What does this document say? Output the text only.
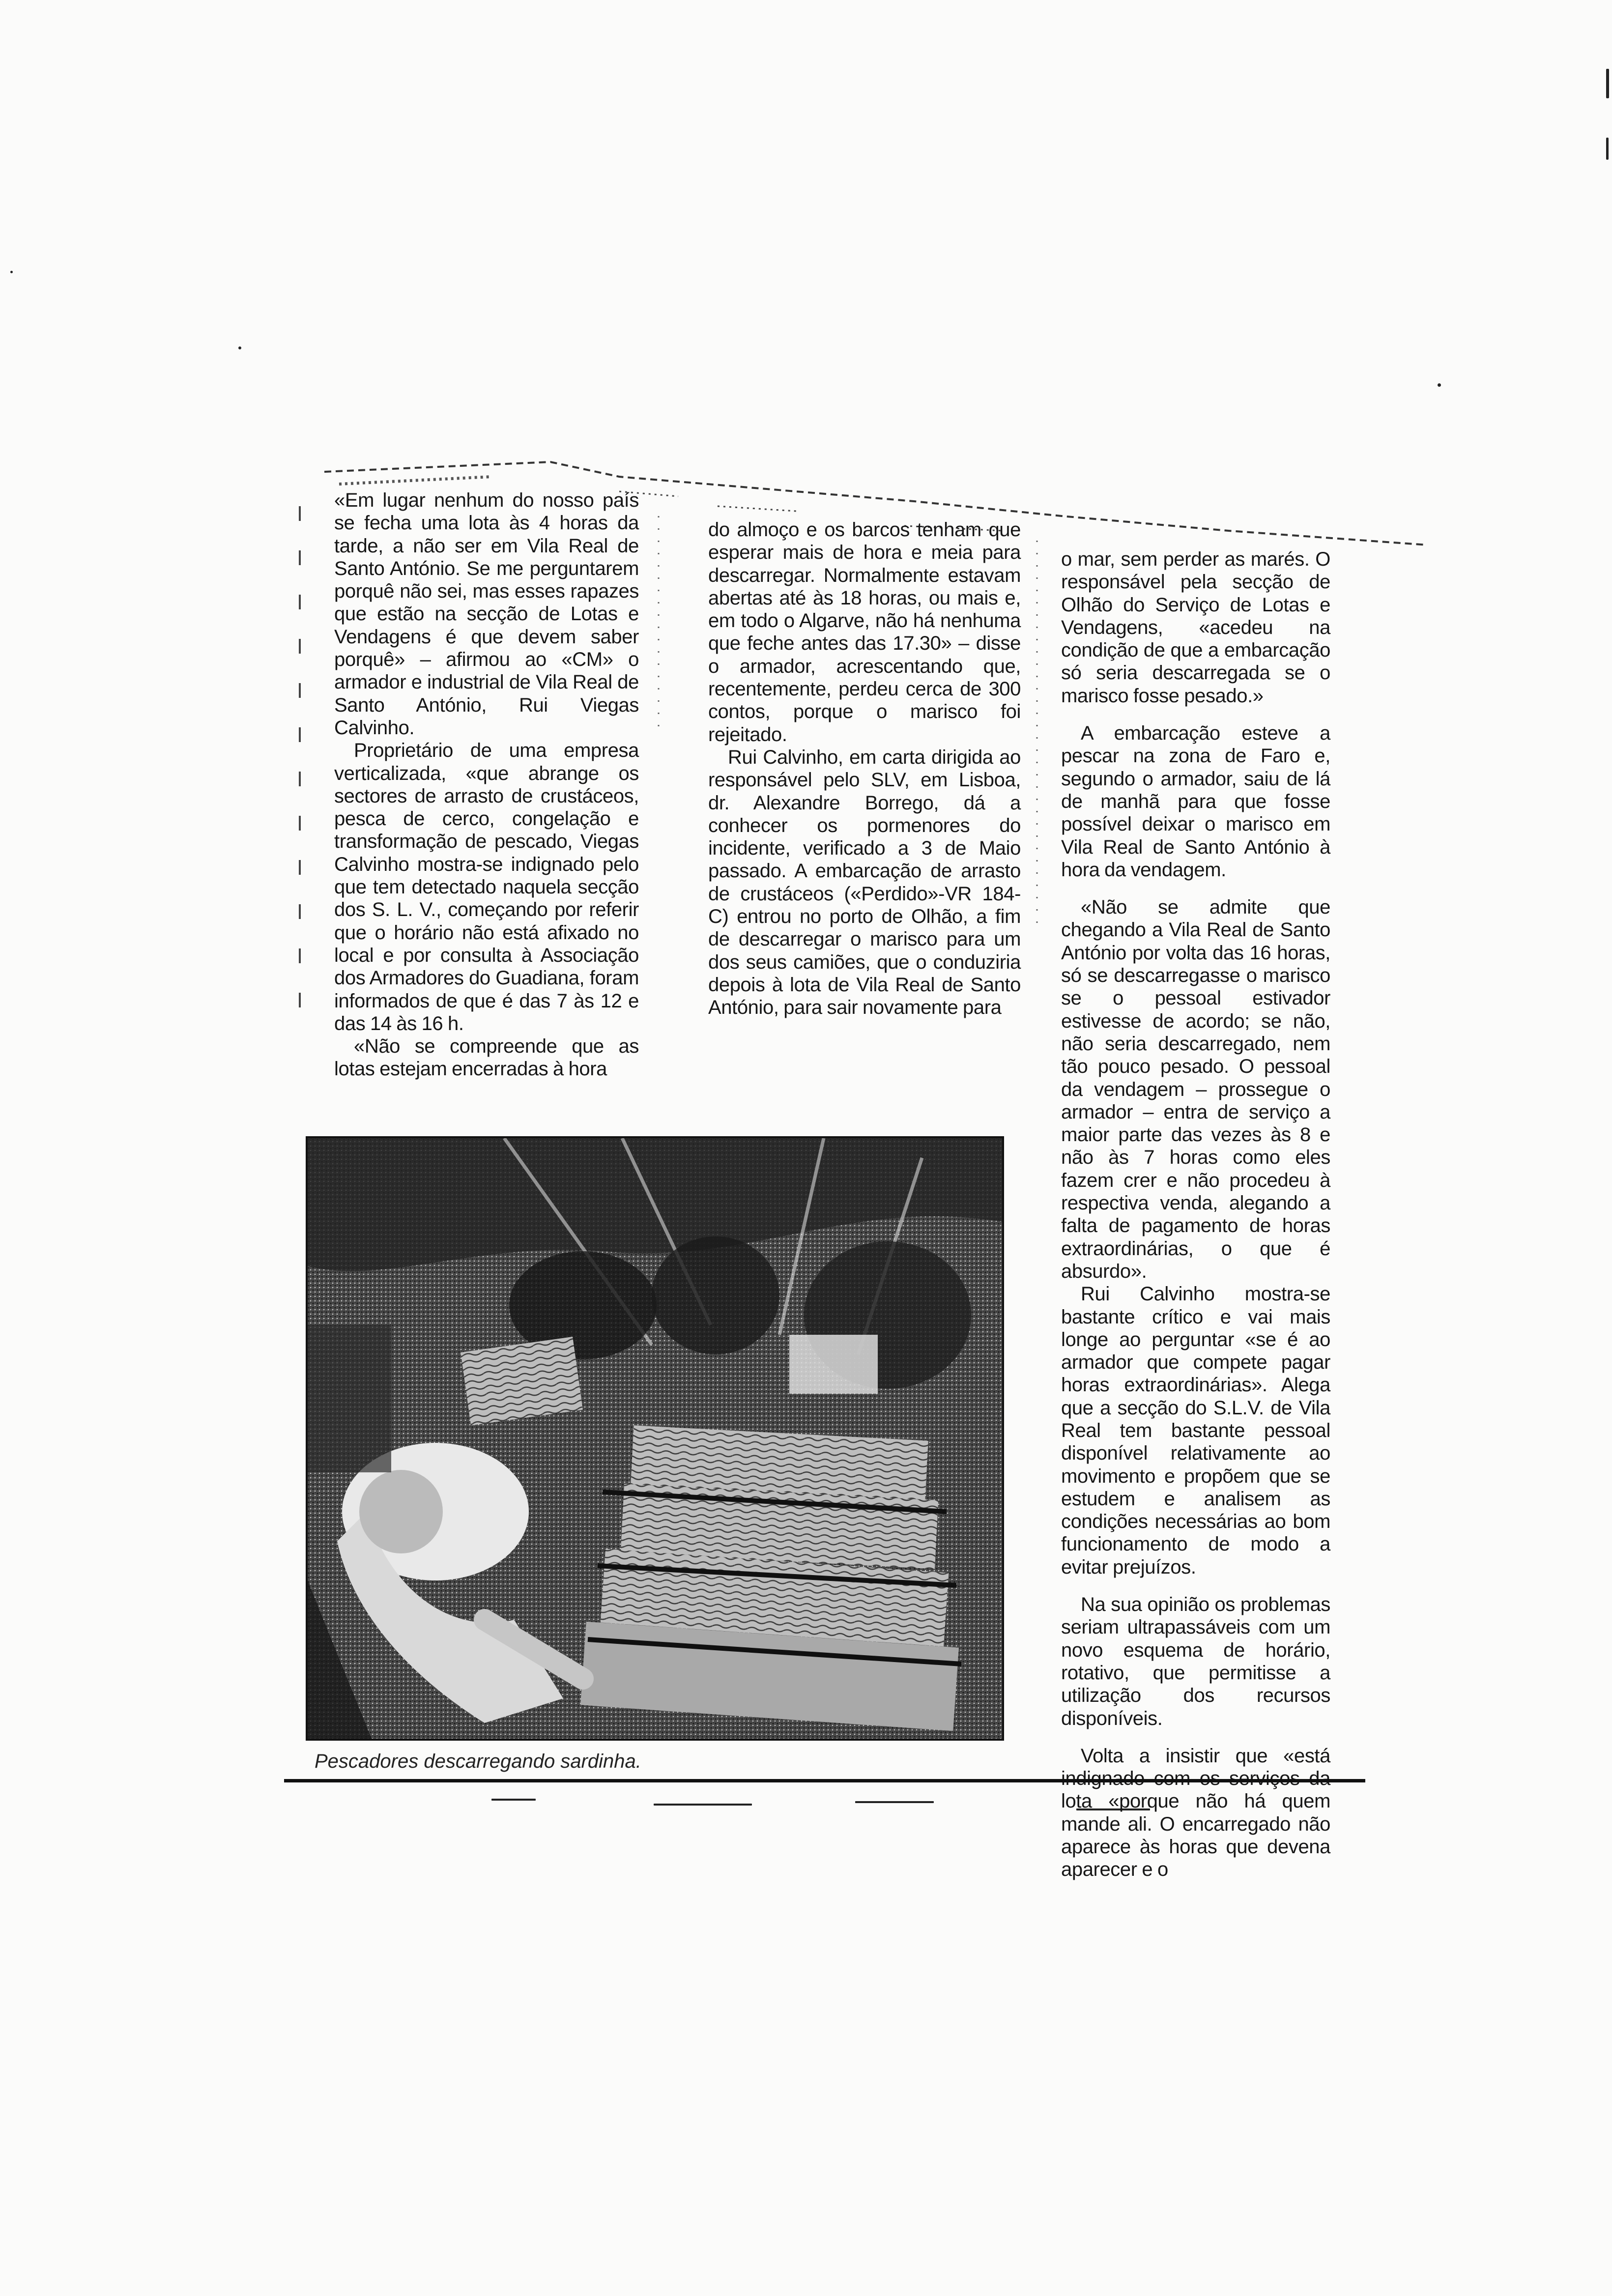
«Em lugar nenhum do nosso país se fecha uma lota às 4 horas da tarde, a não ser em Vila Real de Santo António. Se me perguntarem porquê não sei, mas esses rapazes que estão na secção de Lotas e Vendagens é que devem saber porquê» – afirmou ao «CM» o armador e industrial de Vila Real de Santo António, Rui Viegas Calvinho.

Proprietário de uma empresa verticalizada, «que abrange os sectores de arrasto de crustáceos, pesca de cerco, congelação e transformação de pescado, Viegas Calvinho mostra-se indignado pelo que tem detectado naquela secção dos S. L. V., começando por referir que o horário não está afixado no local e por consulta à Associação dos Armadores do Guadiana, foram informados de que é das 7 às 12 e das 14 às 16 h.

«Não se compreende que as lotas estejam encerradas à hora

do almoço e os barcos tenham que esperar mais de hora e meia para descarregar. Normalmente estavam abertas até às 18 horas, ou mais e, em todo o Algarve, não há nenhuma que feche antes das 17.30» – disse o armador, acrescentando que, recentemente, perdeu cerca de 300 contos, porque o marisco foi rejeitado.

Rui Calvinho, em carta dirigida ao responsável pelo SLV, em Lisboa, dr. Alexandre Borrego, dá a conhecer os pormenores do incidente, verificado a 3 de Maio passado. A embarcação de arrasto de crustáceos («Perdido»-VR 184-C) entrou no porto de Olhão, a fim de descarregar o marisco para um dos seus camiões, que o conduziria depois à lota de Vila Real de Santo António, para sair novamente para

o mar, sem perder as marés. O responsável pela secção de Olhão do Serviço de Lotas e Vendagens, «acedeu na condição de que a embarcação só seria descarregada se o marisco fosse pesado.»

A embarcação esteve a pescar na zona de Faro e, segundo o armador, saiu de lá de manhã para que fosse possível deixar o marisco em Vila Real de Santo António à hora da vendagem.

«Não se admite que chegando a Vila Real de Santo António por volta das 16 horas, só se descarregasse o marisco se o pessoal estivador estivesse de acordo; se não, não seria descarregado, nem tão pouco pesado. O pessoal da vendagem – prossegue o armador – entra de serviço a maior parte das vezes às 8 e não às 7 horas como eles fazem crer e não procedeu à respectiva venda, alegando a falta de pagamento de horas extraordinárias, o que é absurdo».

Rui Calvinho mostra-se bastante crítico e vai mais longe ao perguntar «se é ao armador que compete pagar horas extraordinárias». Alega que a secção do S.L.V. de Vila Real tem bastante pessoal disponível relativamente ao movimento e propõem que se estudem e analisem as condições necessárias ao bom funcionamento de modo a evitar prejuízos.

Na sua opinião os problemas seriam ultrapassáveis com um novo esquema de horário, rotativo, que permitisse a utilização dos recursos disponíveis.

Volta a insistir que «está lota «porque não há quem mande ali. O encarregado não aparece às horas que devena aparecer e o

Pescadores descarregando sardinha.
